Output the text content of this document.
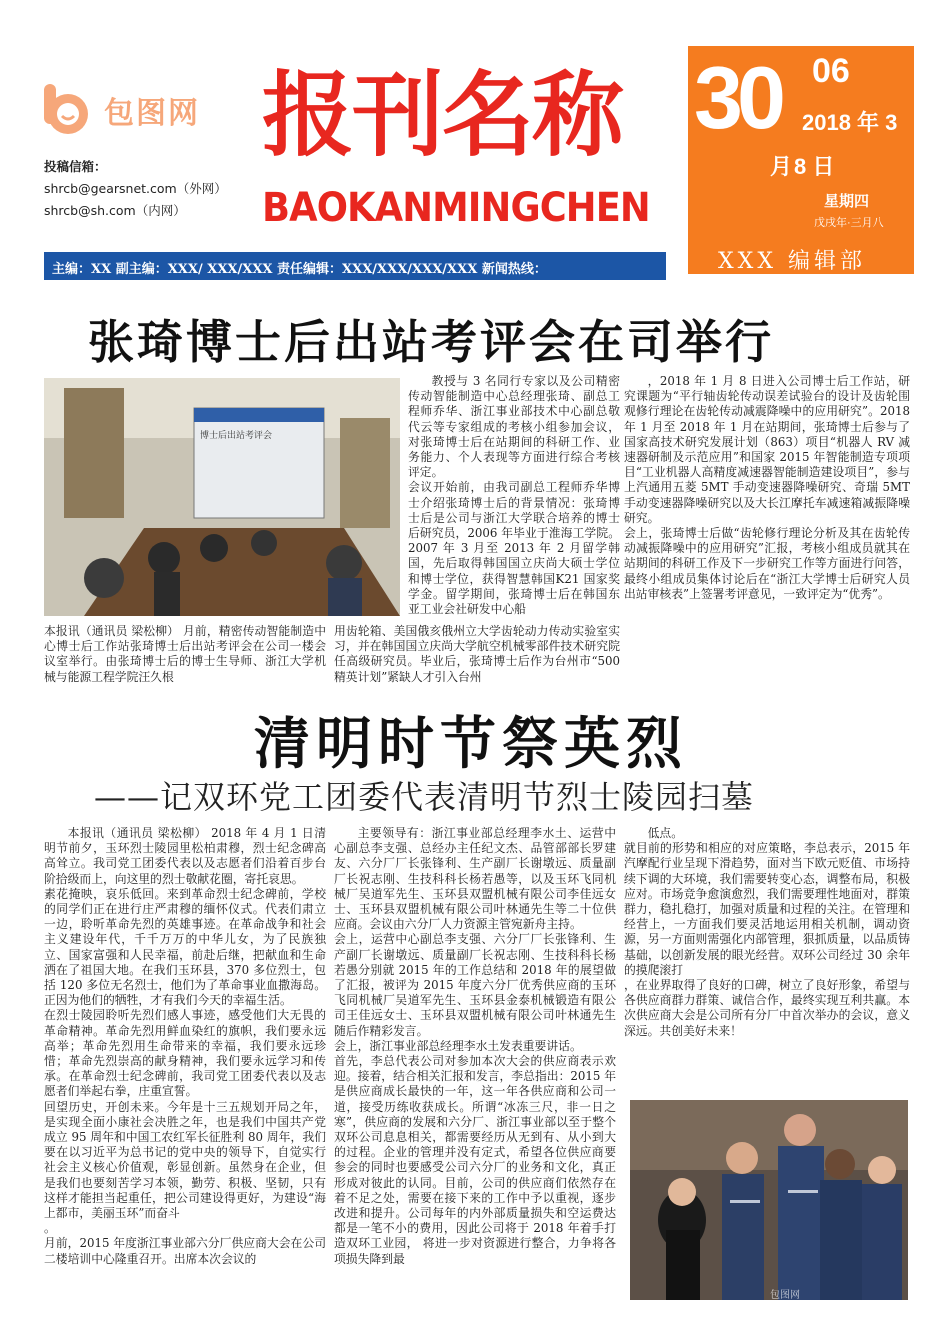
包图网
投稿信箱：
shrcb@gearsnet.com（外网）
shrcb@sh.com（内网）
报刊名称
BAOKANMINGCHEN
30 06
2018 年 3
月 8 日
星期四
戊戌年·三月八
XXX 编辑部
主编：XX 副主编：XXX/ XXX/XXX 责任编辑：XXX/XXX/XXX/XXX 新闻热线：
张琦博士后出站考评会在司举行
博士后出站考评会
本报讯（通讯员 梁松柳） 月前，精密传动智能制造中心博士后工作站张琦博士后出站考评会在公司一楼会议室举行。由张琦博士后的博士生导师、浙江大学机械与能源工程学院汪久根
用齿轮箱、美国俄亥俄州立大学齿轮动力传动实验室实习，并在韩国国立庆尚大学航空机械零部件技术研究院任高级研究员。毕业后，张琦博士后作为台州市“500 精英计划”紧缺人才引入台州
教授与 3 名同行专家以及公司精密传动智能制造中心总经理张琦、副总工程师乔华、浙江事业部技术中心副总敬代云等专家组成的考核小组参加会议，对张琦博士后在站期间的科研工作、业务能力、个人表现等方面进行综合考核评定。
会议开始前，由我司副总工程师乔华博士介绍张琦博士后的背景情况：张琦博士后是公司与浙江大学联合培养的博士后研究员，2006 年毕业于淮海工学院。2007 年 3 月至 2013 年 2 月留学韩国，先后取得韩国国立庆尚大硕士学位和博士学位，获得智慧韩国K21 国家奖学金。留学期间，张琦博士后在韩国东亚工业会社研发中心船
，2018 年 1 月 8 日进入公司博士后工作站，研究课题为“平行轴齿轮传动误差试验台的设计及齿轮围观修行理论在齿轮传动减震降噪中的应用研究”。2018 年 1 月至 2018 年 1 月在站期间，张琦博士后参与了国家高技术研究发展计划（863）项目“机器人 RV 减速器研制及示范应用”和国家 2015 年智能制造专项项目“工业机器人高精度减速器智能制造建设项目”，参与上汽通用五菱 5MT 手动变速器降噪研究、奇瑞 5MT 手动变速器降噪研究以及大长江摩托车减速箱减振降噪研究。
会上，张琦博士后做“齿轮修行理论分析及其在齿轮传动减振降噪中的应用研究”汇报，考核小组成员就其在站期间的科研工作及下一步研究工作等方面进行问答，最终小组成员集体讨论后在“浙江大学博士后研究人员出站审核表”上签署考评意见，一致评定为“优秀”。
清明时节祭英烈
——记双环党工团委代表清明节烈士陵园扫墓
本报讯（通讯员 梁松柳） 2018 年 4 月 1 日清明节前夕，玉环烈士陵园里松柏肃穆，烈士纪念碑高高耸立。我司党工团委代表以及志愿者们沿着百步台阶拾级而上，向这里的烈士敬献花圈，寄托哀思。
素花掩映，哀乐低回。来到革命烈士纪念碑前，学校的同学们正在进行庄严肃穆的缅怀仪式。代表们肃立一边，聆听革命先烈的英雄事迹。在革命战争和社会主义建设年代，千千万万的中华儿女，为了民族独立、国家富强和人民幸福，前赴后继，把献血和生命洒在了祖国大地。在我们玉环县，370 多位烈士，包括 120 多位无名烈士，他们为了革命事业血撒海岛。正因为他们的牺牲，才有我们今天的幸福生活。
在烈士陵园聆听先烈们感人事迹，感受他们大无畏的革命精神。革命先烈用鲜血染红的旗帜，我们要永远高举；革命先烈用生命带来的幸福，我们要永远珍惜；革命先烈崇高的献身精神，我们要永远学习和传承。在革命烈士纪念碑前，我司党工团委代表以及志愿者们举起右拳，庄重宣誓。
回望历史，开创未来。今年是十三五规划开局之年，是实现全面小康社会决胜之年，也是我们中国共产党成立 95 周年和中国工农红军长征胜利 80 周年，我们要在以习近平为总书记的党中央的领导下，自觉实行社会主义核心价值观，彰显创新。虽然身在企业，但是我们也要刻苦学习本领，勤劳、积极、坚韧，只有这样才能担当起重任，把公司建设得更好，为建设“海上都市，美丽玉环”而奋斗
。
月前，2015 年度浙江事业部六分厂供应商大会在公司二楼培训中心隆重召开。出席本次会议的
主要领导有：浙江事业部总经理李水土、运营中心副总李支强、总经办主任纪文杰、品管部部长罗建友、六分厂厂长张锋利、生产副厂长谢墩远、质量副厂长祝志刚、生技科科长杨若愚等，以及玉环飞同机械厂吴道军先生、玉环县双盟机械有限公司李佳远女士、玉环县双盟机械有限公司叶林通先生等二十位供应商。会议由六分厂人力资源主管宛新舟主持。
会上，运营中心副总李支强、六分厂厂长张锋利、生产副厂长谢墩远、质量副厂长祝志刚、生技科科长杨若愚分别就 2015 年的工作总结和 2018 年的展望做了汇报，被评为 2015 年度六分厂优秀供应商的玉环飞同机械厂吴道军先生、玉环县金泰机械锻造有限公司王佳远女士、玉环县双盟机械有限公司叶林通先生随后作精彩发言。
会上，浙江事业部总经理李水土发表重要讲话。
首先，李总代表公司对参加本次大会的供应商表示欢迎。接着，结合相关汇报和发言，李总指出：2015 年是供应商成长最快的一年，这一年各供应商和公司一道，接受历练收获成长。所谓“冰冻三尺，非一日之寒”，供应商的发展和六分厂、浙江事业部以至于整个双环公司息息相关，都需要经历从无到有、从小到大的过程。企业的管理并没有定式，希望各位供应商要参会的同时也要感受公司六分厂的业务和文化，真正形成对彼此的认同。目前，公司的供应商们依然存在着不足之处，需要在接下来的工作中予以重视，逐步改进和提升。公司每年的内外部质量损失和空运费达都是一笔不小的费用，因此公司将于 2018 年着手打造双环工业园， 将进一步对资源进行整合，力争将各项损失降到最
低点。
就目前的形势和相应的对应策略，李总表示，2015 年汽摩配行业呈现下滑趋势，面对当下欧元贬值、市场持续下调的大环境，我们需要转变心态，调整布局，积极应对。市场竞争愈演愈烈，我们需要理性地面对，群策群力，稳扎稳打，加强对质量和过程的关注。在管理和经营上，一方面我们要灵活地运用相关机制，调动资源，另一方面则需强化内部管理，狠抓质量，以品质铸基础，以创新发展的眼光经营。双环公司经过 30 余年的摸爬滚打
，在业界取得了良好的口碑，树立了良好形象，希望与各供应商群力群策、诚信合作，最终实现互利共赢。本次供应商大会是公司所有分厂中首次举办的会议，意义深远。共创美好未来！
包图网
